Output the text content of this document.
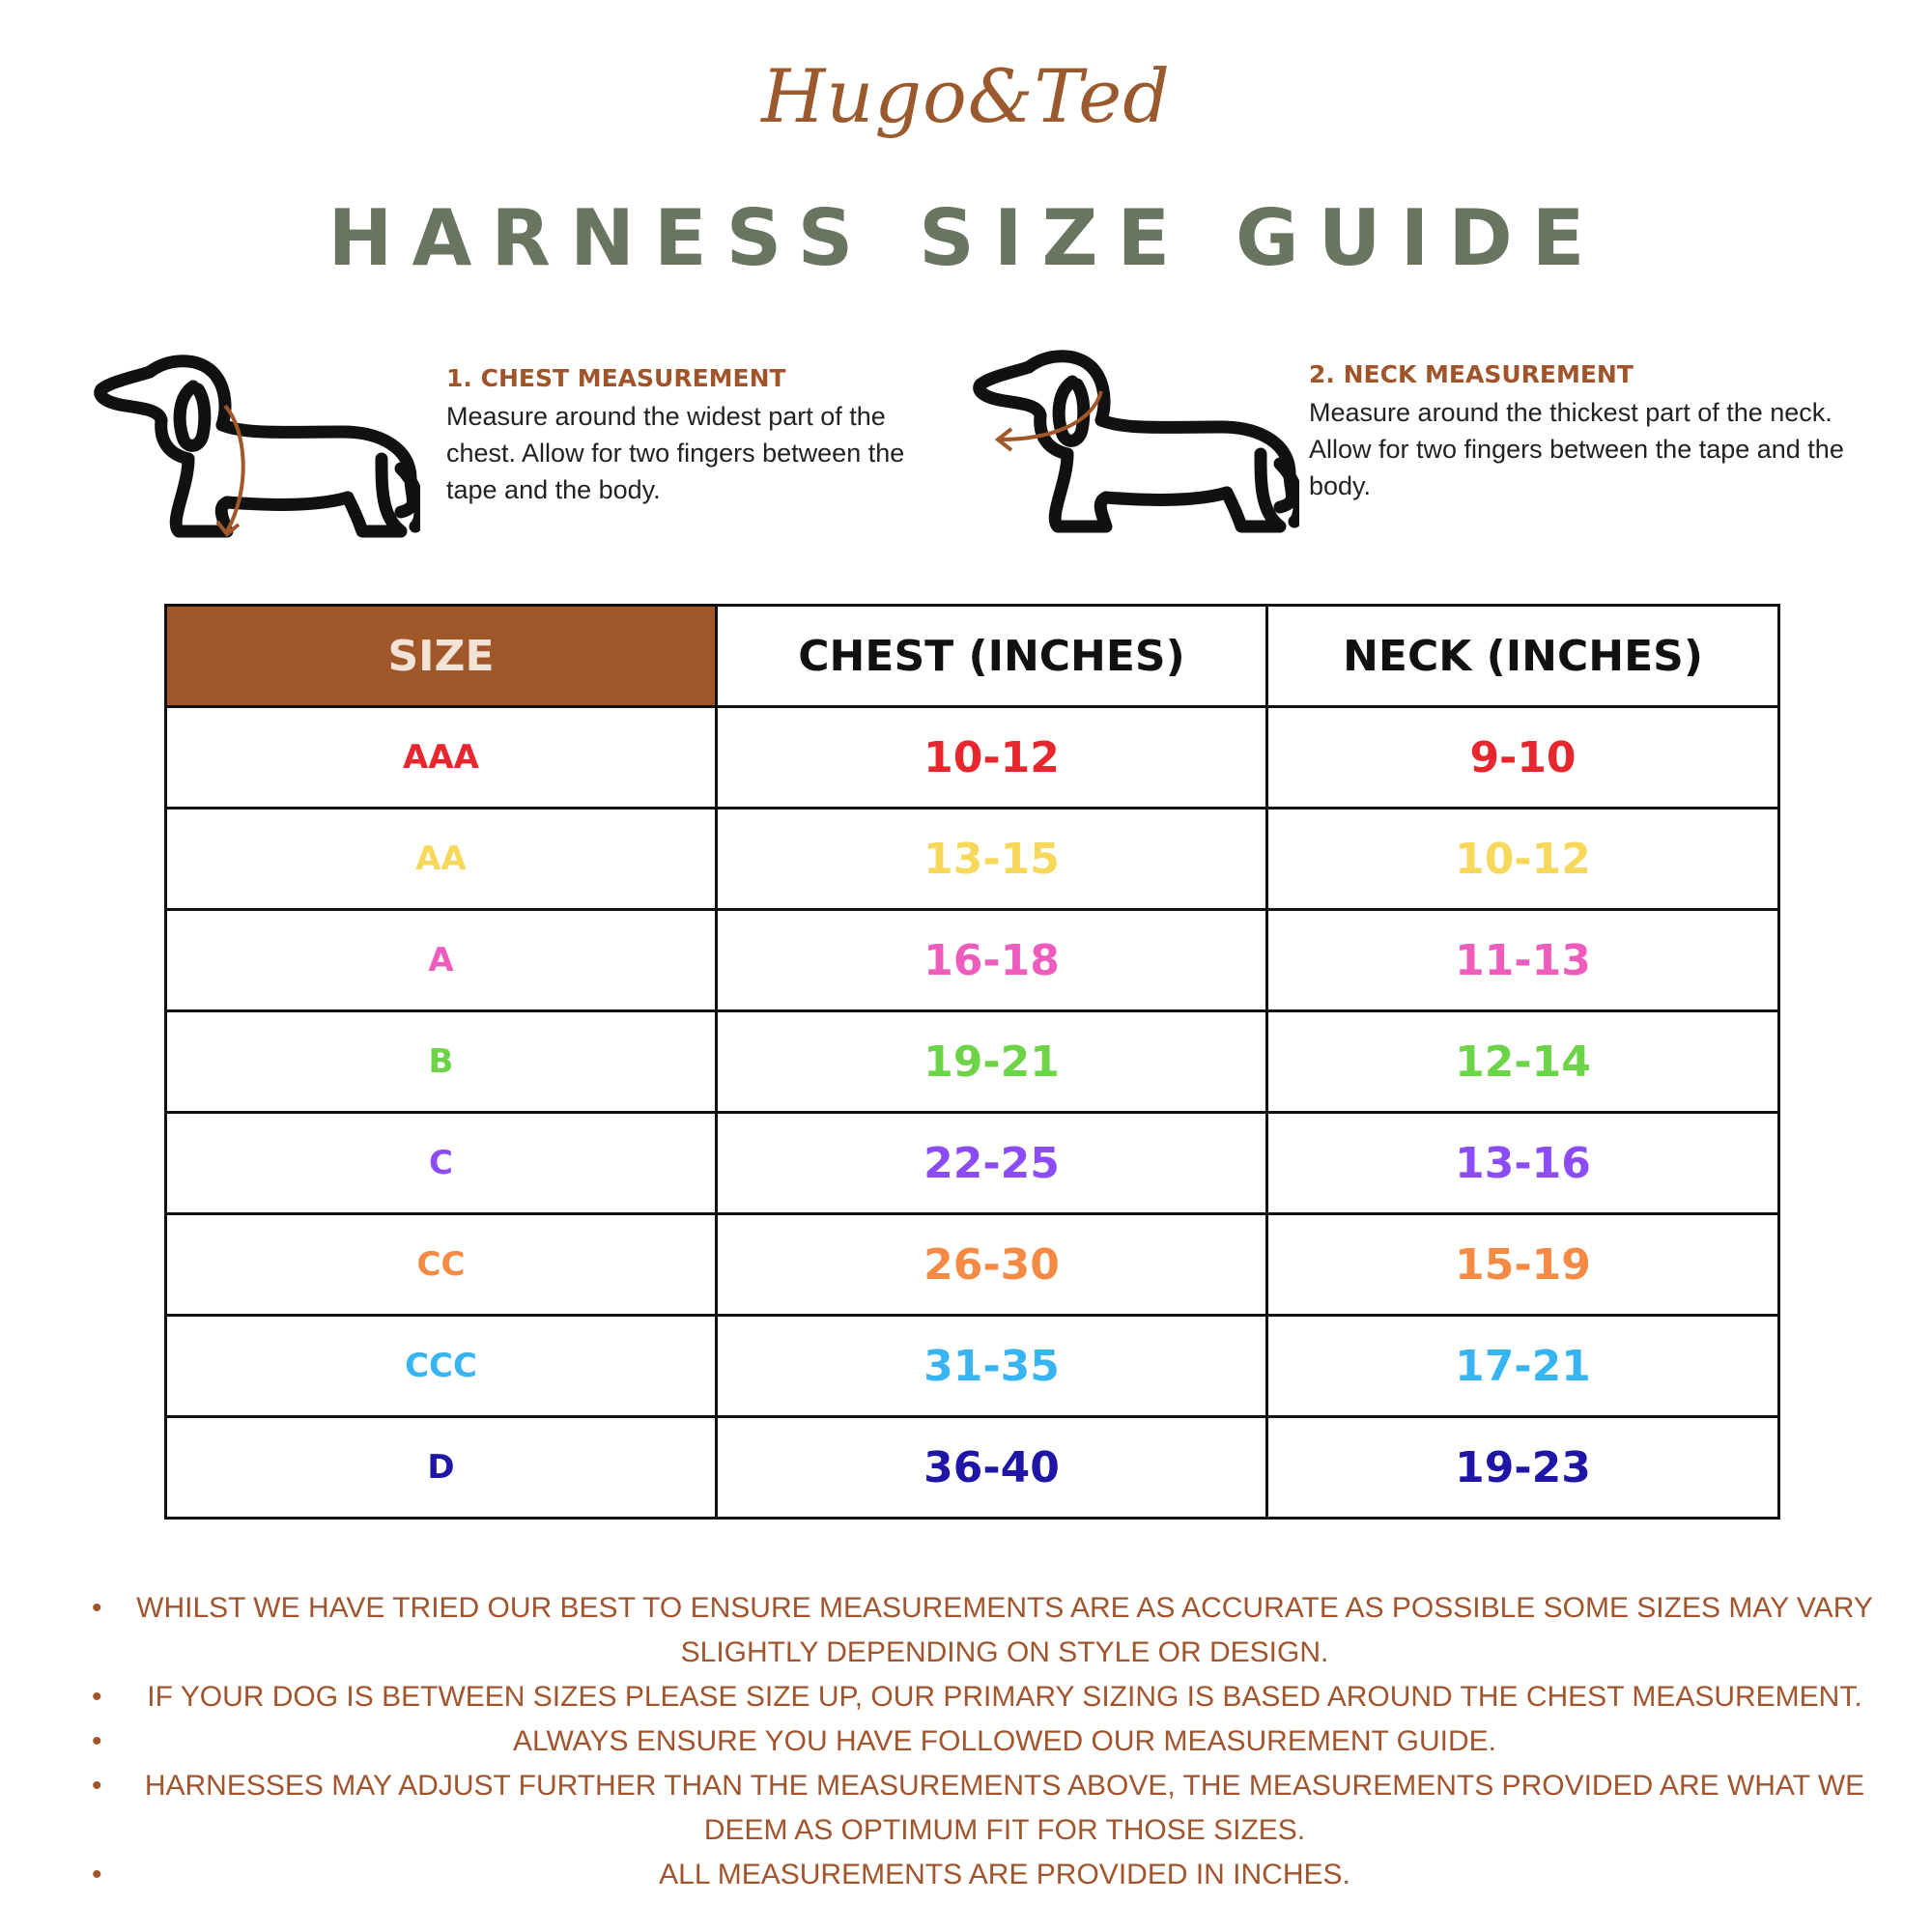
Hugo&Ted
HARNESS SIZE GUIDE
1. CHEST MEASUREMENT
Measure around the widest part of the chest. Allow for two fingers between the tape and the body.
2. NECK MEASUREMENT
Measure around the thickest part of the neck. Allow for two fingers between the tape and the body.
SIZE	CHEST (INCHES)	NECK (INCHES)
AAA	10-12	9-10
AA	13-15	10-12
A	16-18	11-13
B	19-21	12-14
C	22-25	13-16
CC	26-30	15-19
CCC	31-35	17-21
D	36-40	19-23
• WHILST WE HAVE TRIED OUR BEST TO ENSURE MEASUREMENTS ARE AS ACCURATE AS POSSIBLE SOME SIZES MAY VARY SLIGHTLY DEPENDING ON STYLE OR DESIGN.
• IF YOUR DOG IS BETWEEN SIZES PLEASE SIZE UP, OUR PRIMARY SIZING IS BASED AROUND THE CHEST MEASUREMENT.
•	ALWAYS ENSURE YOU HAVE FOLLOWED OUR MEASUREMENT GUIDE.
• HARNESSES MAY ADJUST FURTHER THAN THE MEASUREMENTS ABOVE, THE MEASUREMENTS PROVIDED ARE WHAT WE DEEM AS OPTIMUM FIT FOR THOSE SIZES.
•	ALL MEASUREMENTS ARE PROVIDED IN INCHES.
